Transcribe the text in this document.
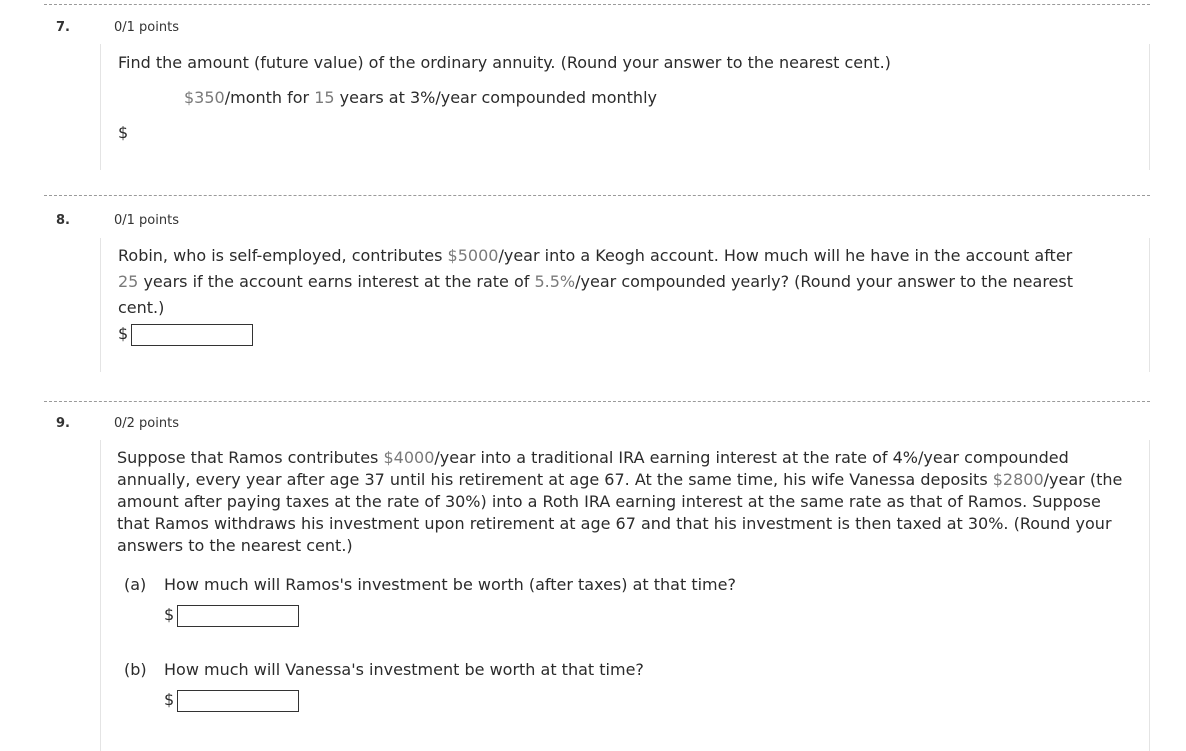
7.	0/1 points
Find the amount (future value) of the ordinary annuity. (Round your answer to the nearest cent.)
$350/month for 15 years at 3%/year compounded monthly
$
8.	0/1 points
Robin, who is self-employed, contributes $5000/year into a Keogh account. How much will he have in the account after
25 years if the account earns interest at the rate of 5.5%/year compounded yearly? (Round your answer to the nearest
cent.)
$
9.	0/2 points
Suppose that Ramos contributes $4000/year into a traditional IRA earning interest at the rate of 4%/year compounded
annually, every year after age 37 until his retirement at age 67. At the same time, his wife Vanessa deposits $2800/year (the
amount after paying taxes at the rate of 30%) into a Roth IRA earning interest at the same rate as that of Ramos. Suppose
that Ramos withdraws his investment upon retirement at age 67 and that his investment is then taxed at 30%. (Round your
answers to the nearest cent.)
(a) How much will Ramos's investment be worth (after taxes) at that time?
$
(b) How much will Vanessa's investment be worth at that time?
$
